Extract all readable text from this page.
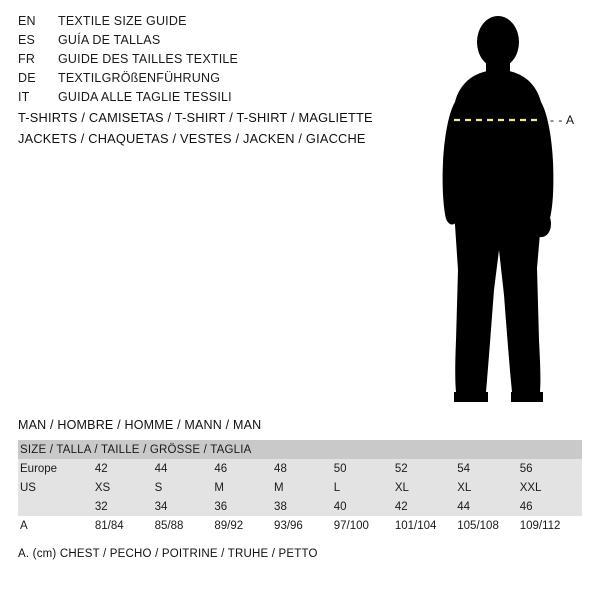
EN	TEXTILE SIZE GUIDE
ES	GUÍA DE TALLAS
FR	GUIDE DES TAILLES TEXTILE
DE	TEXTILGRÖßENFÜHRUNG
IT	GUIDA ALLE TAGLIE TESSILI
T-SHIRTS / CAMISETAS / T-SHIRT / T-SHIRT / MAGLIETTE
JACKETS / CHAQUETAS / VESTES / JACKEN / GIACCHE
- - A
MAN / HOMBRE / HOMME / MANN / MAN
SIZE / TALLA / TAILLE / GRÖSSE / TAGLIA								
Europe	42	44	46	48	50	52	54	56
US	XS	S	M	M	L	XL	XL	XXL
	32	34	36	38	40	42	44	46
A	81/84	85/88	89/92	93/96	97/100	101/104	105/108	109/112
A. (cm) CHEST / PECHO / POITRINE / TRUHE / PETTO
